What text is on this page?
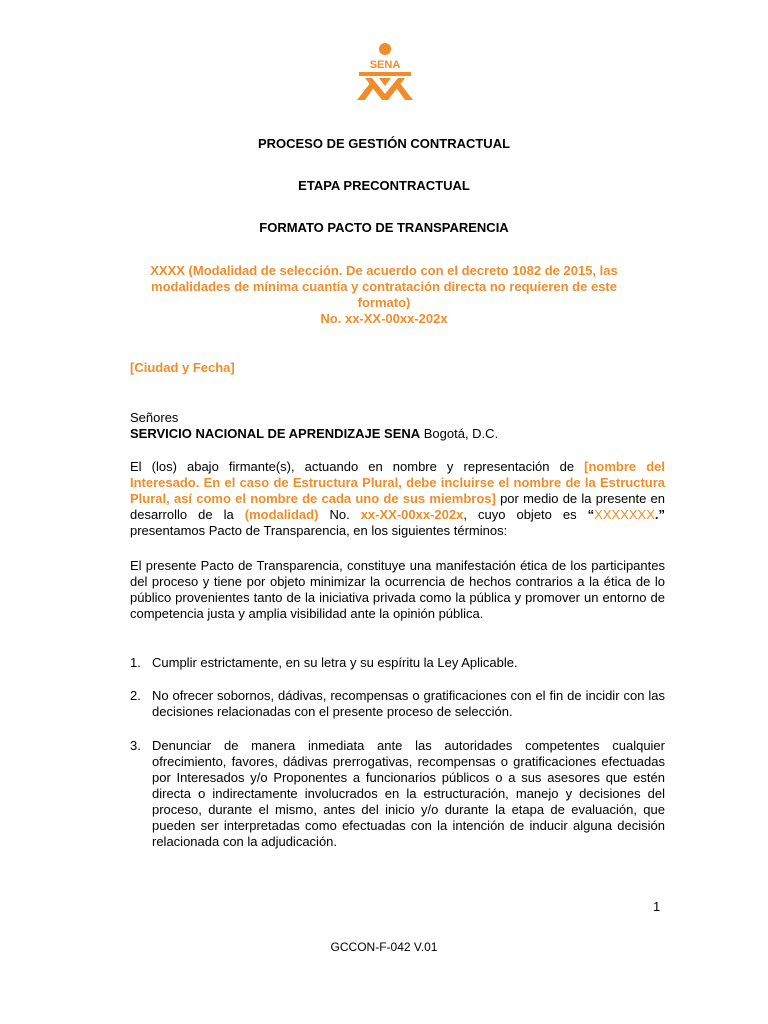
SENA
PROCESO DE GESTIÓN CONTRACTUAL
ETAPA PRECONTRACTUAL
FORMATO PACTO DE TRANSPARENCIA
XXXX (Modalidad de selección. De acuerdo con el decreto 1082 de 2015, las
modalidades de mínima cuantía y contratación directa no requieren de este
formato)
No. xx-XX-00xx-202x
[Ciudad y Fecha]
Señores
SERVICIO NACIONAL DE APRENDIZAJE SENA Bogotá, D.C.
El (los) abajo firmante(s), actuando en nombre y representación de [nombre del Interesado. En el caso de Estructura Plural, debe incluirse el nombre de la Estructura Plural, así como el nombre de cada uno de sus miembros] por medio de la presente en desarrollo de la (modalidad) No. xx-XX-00xx-202x, cuyo objeto es “XXXXXXX.” presentamos Pacto de Transparencia, en los siguientes términos:
El presente Pacto de Transparencia, constituye una manifestación ética de los participantes del proceso y tiene por objeto minimizar la ocurrencia de hechos contrarios a la ética de lo público provenientes tanto de la iniciativa privada como la pública y promover un entorno de competencia justa y amplia visibilidad ante la opinión pública.
1. Cumplir estrictamente, en su letra y su espíritu la Ley Aplicable.
2. No ofrecer sobornos, dádivas, recompensas o gratificaciones con el fin de incidir con las decisiones relacionadas con el presente proceso de selección.
3. Denunciar de manera inmediata ante las autoridades competentes cualquier ofrecimiento, favores, dádivas prerrogativas, recompensas o gratificaciones efectuadas por Interesados y/o Proponentes a funcionarios públicos o a sus asesores que estén directa o indirectamente involucrados en la estructuración, manejo y decisiones del proceso, durante el mismo, antes del inicio y/o durante la etapa de evaluación, que pueden ser interpretadas como efectuadas con la intención de inducir alguna decisión relacionada con la adjudicación.
1
GCCON-F-042 V.01
